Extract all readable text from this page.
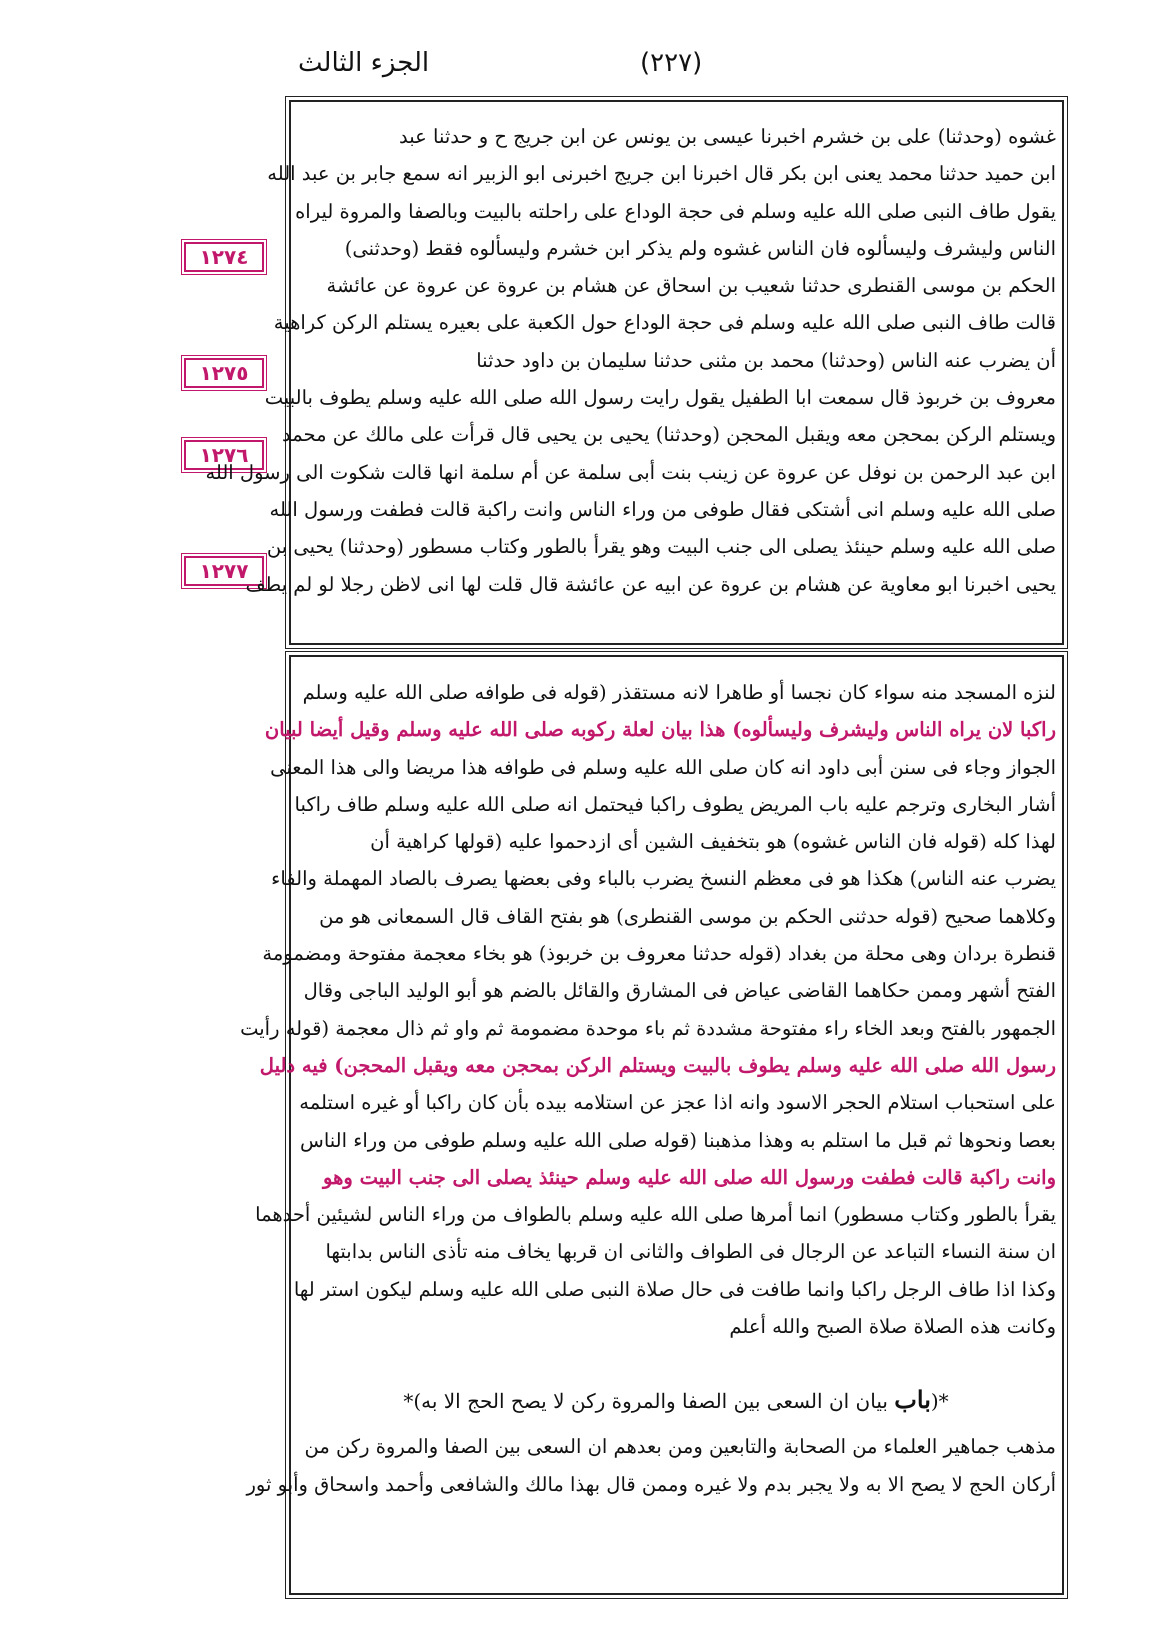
الجزء الثالث	(٢٢٧)
١٢٧٤
١٢٧٥
١٢٧٦
١٢٧٧
غشوه (وحدثنا) على بن خشرم اخبرنا عيسى بن يونس عن ابن جريج ح و حدثنا عبد
ابن حميد حدثنا محمد يعنى ابن بكر قال اخبرنا ابن جريج اخبرنى ابو الزبير انه سمع جابر بن عبد الله
يقول طاف النبى صلى الله عليه وسلم فى حجة الوداع على راحلته بالبيت وبالصفا والمروة ليراه
الناس وليشرف وليسألوه فان الناس غشوه ولم يذكر ابن خشرم وليسألوه فقط (وحدثنى)
الحكم بن موسى القنطرى حدثنا شعيب بن اسحاق عن هشام بن عروة عن عروة عن عائشة
قالت طاف النبى صلى الله عليه وسلم فى حجة الوداع حول الكعبة على بعيره يستلم الركن كراهية
أن يضرب عنه الناس (وحدثنا) محمد بن مثنى حدثنا سليمان بن داود حدثنا
معروف بن خربوذ قال سمعت ابا الطفيل يقول رايت رسول الله صلى الله عليه وسلم يطوف بالبيت
ويستلم الركن بمحجن معه ويقبل المحجن (وحدثنا) يحيى بن يحيى قال قرأت على مالك عن محمد
ابن عبد الرحمن بن نوفل عن عروة عن زينب بنت أبى سلمة عن أم سلمة انها قالت شكوت الى رسول الله
صلى الله عليه وسلم انى أشتكى فقال طوفى من وراء الناس وانت راكبة قالت فطفت ورسول الله
صلى الله عليه وسلم حينئذ يصلى الى جنب البيت وهو يقرأ بالطور وكتاب مسطور (وحدثنا) يحيى بن
يحيى اخبرنا ابو معاوية عن هشام بن عروة عن ابيه عن عائشة قال قلت لها انى لاظن رجلا لو لم يطف
لنزه المسجد منه سواء كان نجسا أو طاهرا لانه مستقذر (قوله فى طوافه صلى الله عليه وسلم
راكبا لان يراه الناس وليشرف وليسألوه) هذا بيان لعلة ركوبه صلى الله عليه وسلم وقيل أيضا لبيان
الجواز وجاء فى سنن أبى داود انه كان صلى الله عليه وسلم فى طوافه هذا مريضا والى هذا المعنى
أشار البخارى وترجم عليه باب المريض يطوف راكبا فيحتمل انه صلى الله عليه وسلم طاف راكبا
لهذا كله (قوله فان الناس غشوه) هو بتخفيف الشين أى ازدحموا عليه (قولها كراهية أن
يضرب عنه الناس) هكذا هو فى معظم النسخ يضرب بالباء وفى بعضها يصرف بالصاد المهملة والفاء
وكلاهما صحيح (قوله حدثنى الحكم بن موسى القنطرى) هو بفتح القاف قال السمعانى هو من
قنطرة بردان وهى محلة من بغداد (قوله حدثنا معروف بن خربوذ) هو بخاء معجمة مفتوحة ومضمومة
الفتح أشهر وممن حكاهما القاضى عياض فى المشارق والقائل بالضم هو أبو الوليد الباجى وقال
الجمهور بالفتح وبعد الخاء راء مفتوحة مشددة ثم باء موحدة مضمومة ثم واو ثم ذال معجمة (قوله رأيت
رسول الله صلى الله عليه وسلم يطوف بالبيت ويستلم الركن بمحجن معه ويقبل المحجن) فيه دليل
على استحباب استلام الحجر الاسود وانه اذا عجز عن استلامه بيده بأن كان راكبا أو غيره استلمه
بعصا ونحوها ثم قبل ما استلم به وهذا مذهبنا (قوله صلى الله عليه وسلم طوفى من وراء الناس
وانت راكبة قالت فطفت ورسول الله صلى الله عليه وسلم حينئذ يصلى الى جنب البيت وهو
يقرأ بالطور وكتاب مسطور) انما أمرها صلى الله عليه وسلم بالطواف من وراء الناس لشيئين أحدهما
ان سنة النساء التباعد عن الرجال فى الطواف والثانى ان قربها يخاف منه تأذى الناس بدابتها
وكذا اذا طاف الرجل راكبا وانما طافت فى حال صلاة النبى صلى الله عليه وسلم ليكون استر لها
وكانت هذه الصلاة صلاة الصبح والله أعلم
*(باب بيان ان السعى بين الصفا والمروة ركن لا يصح الحج الا به)*
مذهب جماهير العلماء من الصحابة والتابعين ومن بعدهم ان السعى بين الصفا والمروة ركن من
أركان الحج لا يصح الا به ولا يجبر بدم ولا غيره وممن قال بهذا مالك والشافعى وأحمد واسحاق وأبو ثور
